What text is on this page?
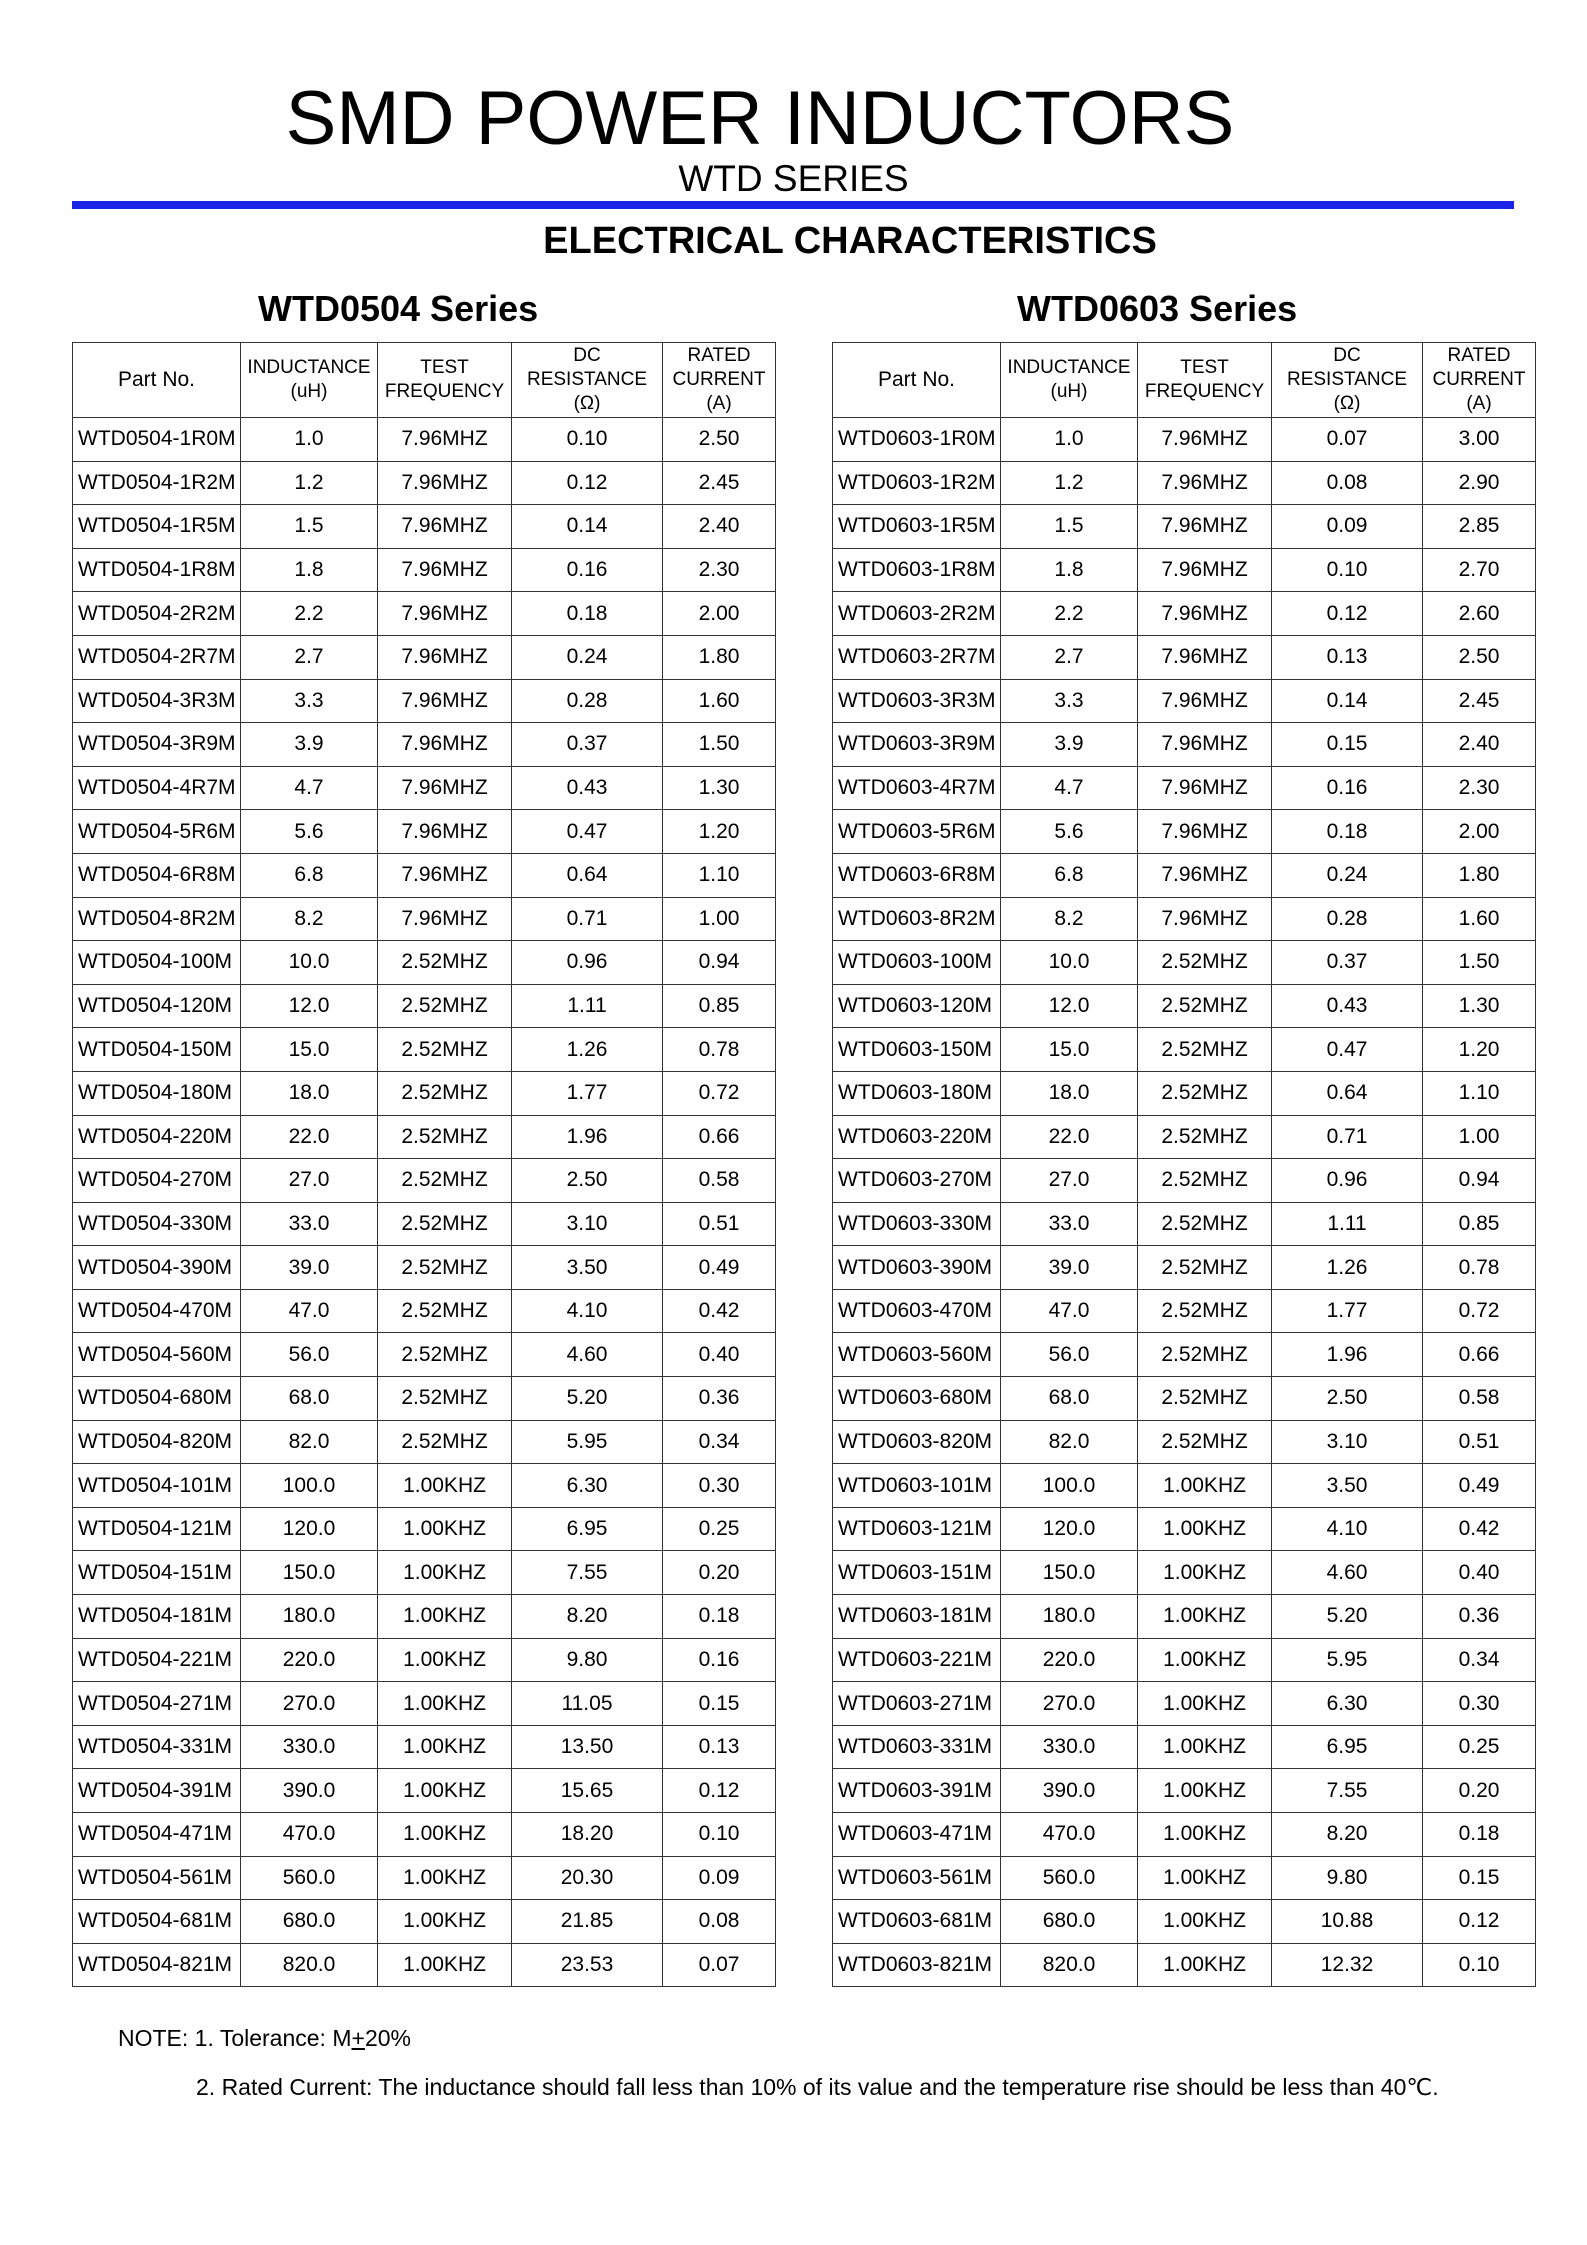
SMD POWER INDUCTORS
WTD SERIES
ELECTRICAL CHARACTERISTICS
WTD0504 Series	WTD0603 Series
Part No.	INDUCTANCE (uH)	TEST FREQUENCY	DC RESISTANCE (Ω)	RATED CURRENT (A)
WTD0504-1R0M	1.0	7.96MHZ	0.10	2.50
WTD0504-1R2M	1.2	7.96MHZ	0.12	2.45
WTD0504-1R5M	1.5	7.96MHZ	0.14	2.40
WTD0504-1R8M	1.8	7.96MHZ	0.16	2.30
WTD0504-2R2M	2.2	7.96MHZ	0.18	2.00
WTD0504-2R7M	2.7	7.96MHZ	0.24	1.80
WTD0504-3R3M	3.3	7.96MHZ	0.28	1.60
WTD0504-3R9M	3.9	7.96MHZ	0.37	1.50
WTD0504-4R7M	4.7	7.96MHZ	0.43	1.30
WTD0504-5R6M	5.6	7.96MHZ	0.47	1.20
WTD0504-6R8M	6.8	7.96MHZ	0.64	1.10
WTD0504-8R2M	8.2	7.96MHZ	0.71	1.00
WTD0504-100M	10.0	2.52MHZ	0.96	0.94
WTD0504-120M	12.0	2.52MHZ	1.11	0.85
WTD0504-150M	15.0	2.52MHZ	1.26	0.78
WTD0504-180M	18.0	2.52MHZ	1.77	0.72
WTD0504-220M	22.0	2.52MHZ	1.96	0.66
WTD0504-270M	27.0	2.52MHZ	2.50	0.58
WTD0504-330M	33.0	2.52MHZ	3.10	0.51
WTD0504-390M	39.0	2.52MHZ	3.50	0.49
WTD0504-470M	47.0	2.52MHZ	4.10	0.42
WTD0504-560M	56.0	2.52MHZ	4.60	0.40
WTD0504-680M	68.0	2.52MHZ	5.20	0.36
WTD0504-820M	82.0	2.52MHZ	5.95	0.34
WTD0504-101M	100.0	1.00KHZ	6.30	0.30
WTD0504-121M	120.0	1.00KHZ	6.95	0.25
WTD0504-151M	150.0	1.00KHZ	7.55	0.20
WTD0504-181M	180.0	1.00KHZ	8.20	0.18
WTD0504-221M	220.0	1.00KHZ	9.80	0.16
WTD0504-271M	270.0	1.00KHZ	11.05	0.15
WTD0504-331M	330.0	1.00KHZ	13.50	0.13
WTD0504-391M	390.0	1.00KHZ	15.65	0.12
WTD0504-471M	470.0	1.00KHZ	18.20	0.10
WTD0504-561M	560.0	1.00KHZ	20.30	0.09
WTD0504-681M	680.0	1.00KHZ	21.85	0.08
WTD0504-821M	820.0	1.00KHZ	23.53	0.07
Part No.	INDUCTANCE (uH)	TEST FREQUENCY	DC RESISTANCE (Ω)	RATED CURRENT (A)
WTD0603-1R0M	1.0	7.96MHZ	0.07	3.00
WTD0603-1R2M	1.2	7.96MHZ	0.08	2.90
WTD0603-1R5M	1.5	7.96MHZ	0.09	2.85
WTD0603-1R8M	1.8	7.96MHZ	0.10	2.70
WTD0603-2R2M	2.2	7.96MHZ	0.12	2.60
WTD0603-2R7M	2.7	7.96MHZ	0.13	2.50
WTD0603-3R3M	3.3	7.96MHZ	0.14	2.45
WTD0603-3R9M	3.9	7.96MHZ	0.15	2.40
WTD0603-4R7M	4.7	7.96MHZ	0.16	2.30
WTD0603-5R6M	5.6	7.96MHZ	0.18	2.00
WTD0603-6R8M	6.8	7.96MHZ	0.24	1.80
WTD0603-8R2M	8.2	7.96MHZ	0.28	1.60
WTD0603-100M	10.0	2.52MHZ	0.37	1.50
WTD0603-120M	12.0	2.52MHZ	0.43	1.30
WTD0603-150M	15.0	2.52MHZ	0.47	1.20
WTD0603-180M	18.0	2.52MHZ	0.64	1.10
WTD0603-220M	22.0	2.52MHZ	0.71	1.00
WTD0603-270M	27.0	2.52MHZ	0.96	0.94
WTD0603-330M	33.0	2.52MHZ	1.11	0.85
WTD0603-390M	39.0	2.52MHZ	1.26	0.78
WTD0603-470M	47.0	2.52MHZ	1.77	0.72
WTD0603-560M	56.0	2.52MHZ	1.96	0.66
WTD0603-680M	68.0	2.52MHZ	2.50	0.58
WTD0603-820M	82.0	2.52MHZ	3.10	0.51
WTD0603-101M	100.0	1.00KHZ	3.50	0.49
WTD0603-121M	120.0	1.00KHZ	4.10	0.42
WTD0603-151M	150.0	1.00KHZ	4.60	0.40
WTD0603-181M	180.0	1.00KHZ	5.20	0.36
WTD0603-221M	220.0	1.00KHZ	5.95	0.34
WTD0603-271M	270.0	1.00KHZ	6.30	0.30
WTD0603-331M	330.0	1.00KHZ	6.95	0.25
WTD0603-391M	390.0	1.00KHZ	7.55	0.20
WTD0603-471M	470.0	1.00KHZ	8.20	0.18
WTD0603-561M	560.0	1.00KHZ	9.80	0.15
WTD0603-681M	680.0	1.00KHZ	10.88	0.12
WTD0603-821M	820.0	1.00KHZ	12.32	0.10
NOTE: 1. Tolerance: M+20%
2. Rated Current: The inductance should fall less than 10% of its value and the temperature rise should be less than 40℃.
